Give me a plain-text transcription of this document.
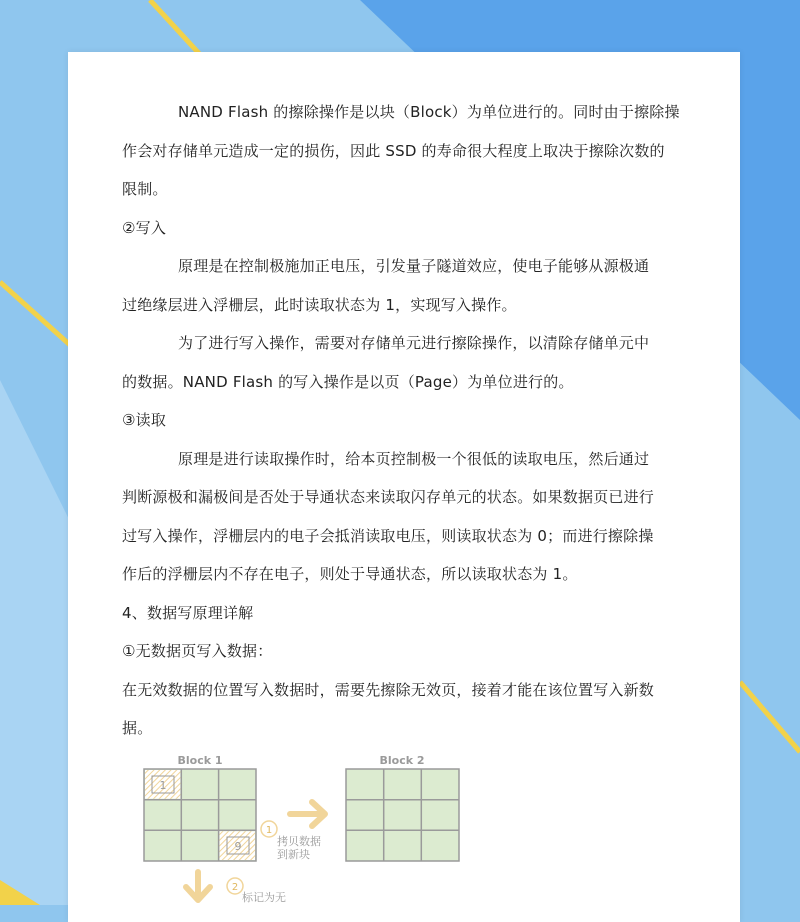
NAND Flash 的擦除操作是以块（Block）为单位进行的。同时由于擦除操
作会对存储单元造成一定的损伤，因此 SSD 的寿命很大程度上取决于擦除次数的
限制。
②写入
原理是在控制极施加正电压，引发量子隧道效应，使电子能够从源极通
过绝缘层进入浮栅层，此时读取状态为 1，实现写入操作。
为了进行写入操作，需要对存储单元进行擦除操作，以清除存储单元中
的数据。NAND Flash 的写入操作是以页（Page）为单位进行的。
③读取
原理是进行读取操作时，给本页控制极一个很低的读取电压，然后通过
判断源极和漏极间是否处于导通状态来读取闪存单元的状态。如果数据页已进行
过写入操作，浮栅层内的电子会抵消读取电压，则读取状态为 0；而进行擦除操
作后的浮栅层内不存在电子，则处于导通状态，所以读取状态为 1。
4、数据写原理详解
①无数据页写入数据：
在无效数据的位置写入数据时，需要先擦除无效页，接着才能在该位置写入新数
据。
Block 1
1
9
Block 2
1
拷贝数据
到新块
2
标记为无
